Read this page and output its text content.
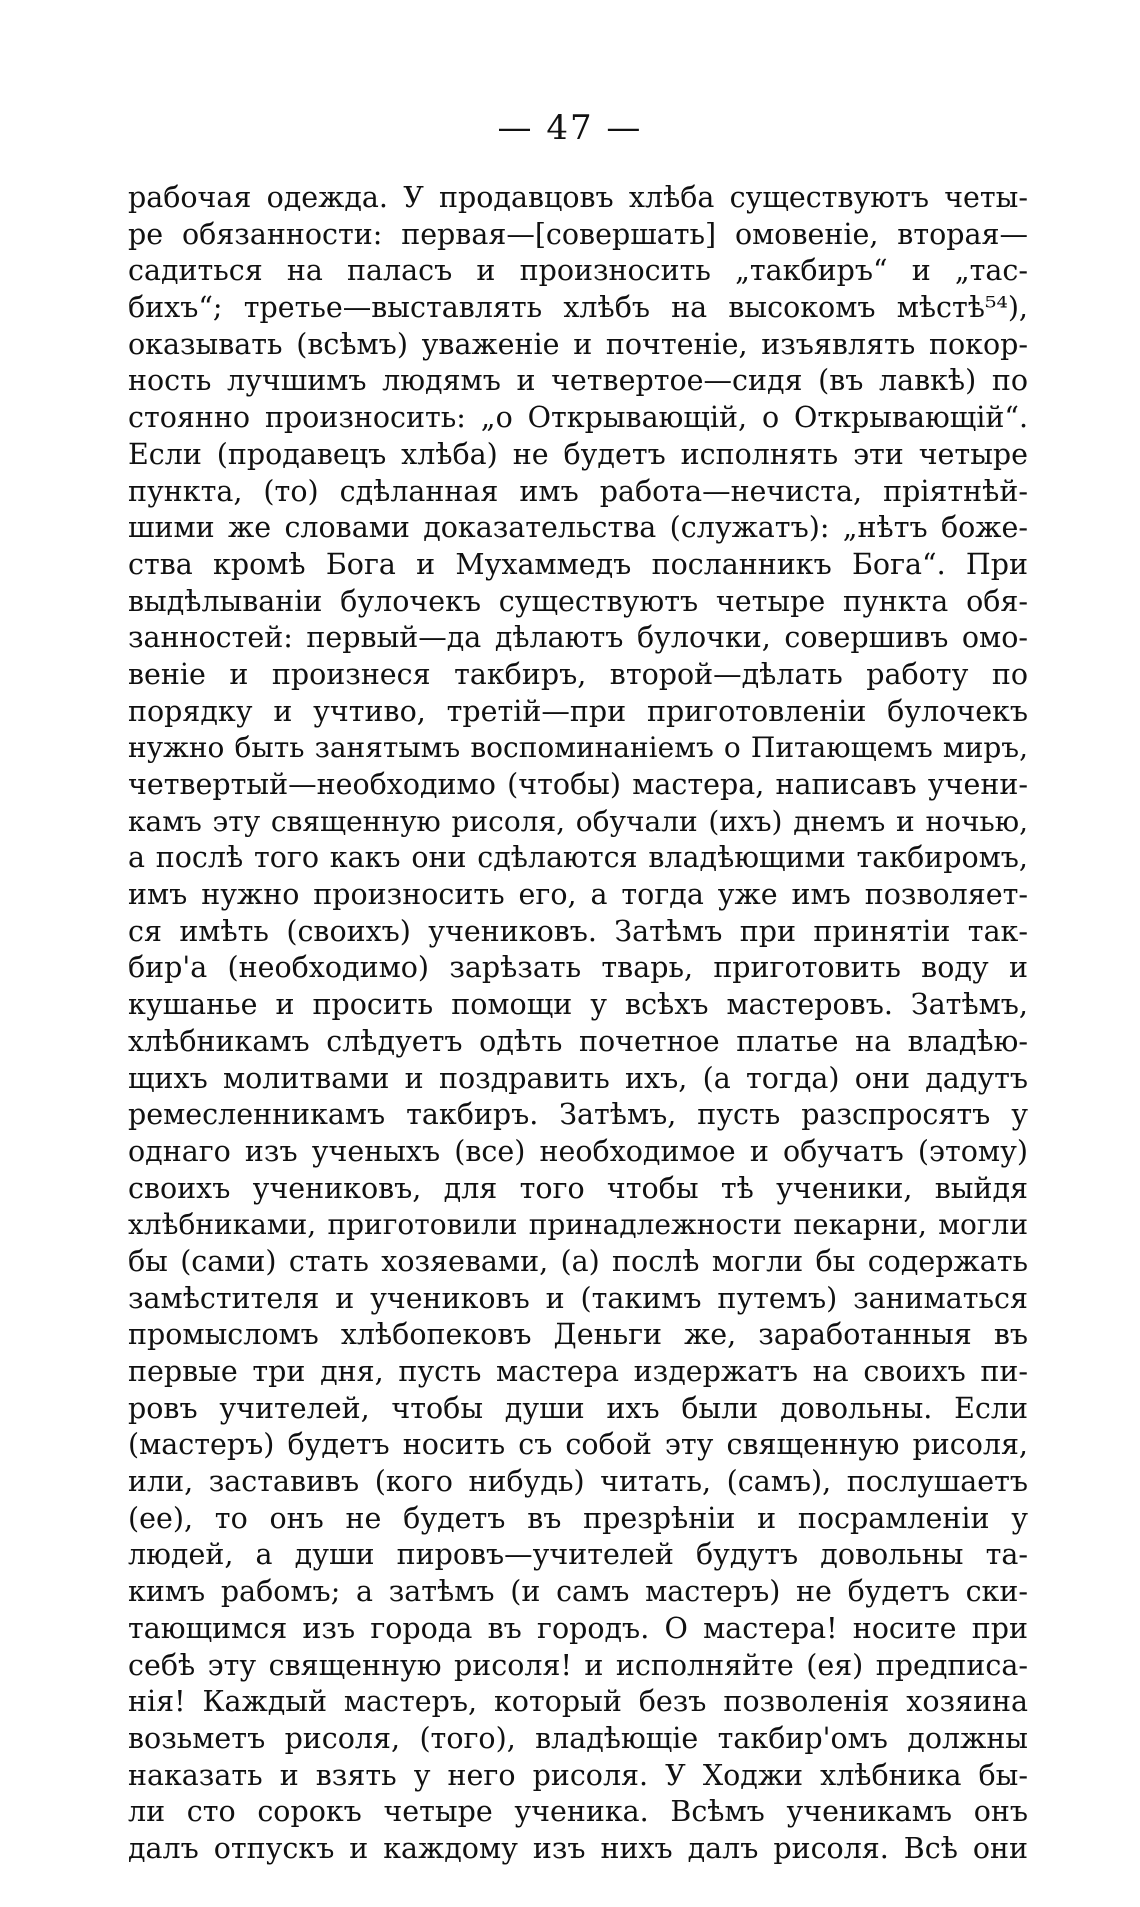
— 47 —
рабочая одежда. У продавцовъ хлѣба существуютъ четы-
ре обязанности: первая—[совершать] омовеніе, вторая—
садиться на паласъ и произносить „такбиръ“ и „тас-
бихъ“; третье—выставлять хлѣбъ на высокомъ мѣстѣ⁵⁴),
оказывать (всѣмъ) уваженіе и почтеніе, изъявлять покор-
ность лучшимъ людямъ и четвертое—сидя (въ лавкѣ) по
стоянно произносить: „о Открывающій, о Открывающій“.
Если (продавецъ хлѣба) не будетъ исполнять эти четыре
пункта, (то) сдѣланная имъ работа—нечиста, пріятнѣй-
шими же словами доказательства (служатъ): „нѣтъ боже-
ства кромѣ Бога и Мухаммедъ посланникъ Бога“. При
выдѣлываніи булочекъ существуютъ четыре пункта обя-
занностей: первый—да дѣлаютъ булочки, совершивъ омо-
веніе и произнеся такбиръ, второй—дѣлать работу по
порядку и учтиво, третій—при приготовленіи булочекъ
нужно быть занятымъ воспоминаніемъ о Питающемъ миръ,
четвертый—необходимо (чтобы) мастера, написавъ учени-
камъ эту священную рисоля, обучали (ихъ) днемъ и ночью,
а послѣ того какъ они сдѣлаются владѣющими такбиромъ,
имъ нужно произносить его, а тогда уже имъ позволяет-
ся имѣть (своихъ) учениковъ. Затѣмъ при принятіи так-
бир'а (необходимо) зарѣзать тварь, приготовить воду и
кушанье и просить помощи у всѣхъ мастеровъ. Затѣмъ,
хлѣбникамъ слѣдуетъ одѣть почетное платье на владѣю-
щихъ молитвами и поздравить ихъ, (а тогда) они дадутъ
ремесленникамъ такбиръ. Затѣмъ, пусть разспросятъ у
однаго изъ ученыхъ (все) необходимое и обучатъ (этому)
своихъ учениковъ, для того чтобы тѣ ученики, выйдя
хлѣбниками, приготовили принадлежности пекарни, могли
бы (сами) стать хозяевами, (а) послѣ могли бы содержать
замѣстителя и учениковъ и (такимъ путемъ) заниматься
промысломъ хлѣбопековъ Деньги же, заработанныя въ
первые три дня, пусть мастера издержатъ на своихъ пи-
ровъ учителей, чтобы души ихъ были довольны. Если
(мастеръ) будетъ носить съ собой эту священную рисоля,
или, заставивъ (кого нибудь) читать, (самъ), послушаетъ
(ее), то онъ не будетъ въ презрѣніи и посрамленіи у
людей, а души пировъ—учителей будутъ довольны та-
кимъ рабомъ; а затѣмъ (и самъ мастеръ) не будетъ ски-
тающимся изъ города въ городъ. О мастера! носите при
себѣ эту священную рисоля! и исполняйте (ея) предписа-
нія! Каждый мастеръ, который безъ позволенія хозяина
возьметъ рисоля, (того), владѣющіе такбир'омъ должны
наказать и взять у него рисоля. У Ходжи хлѣбника бы-
ли сто сорокъ четыре ученика. Всѣмъ ученикамъ онъ
далъ отпускъ и каждому изъ нихъ далъ рисоля. Всѣ они
